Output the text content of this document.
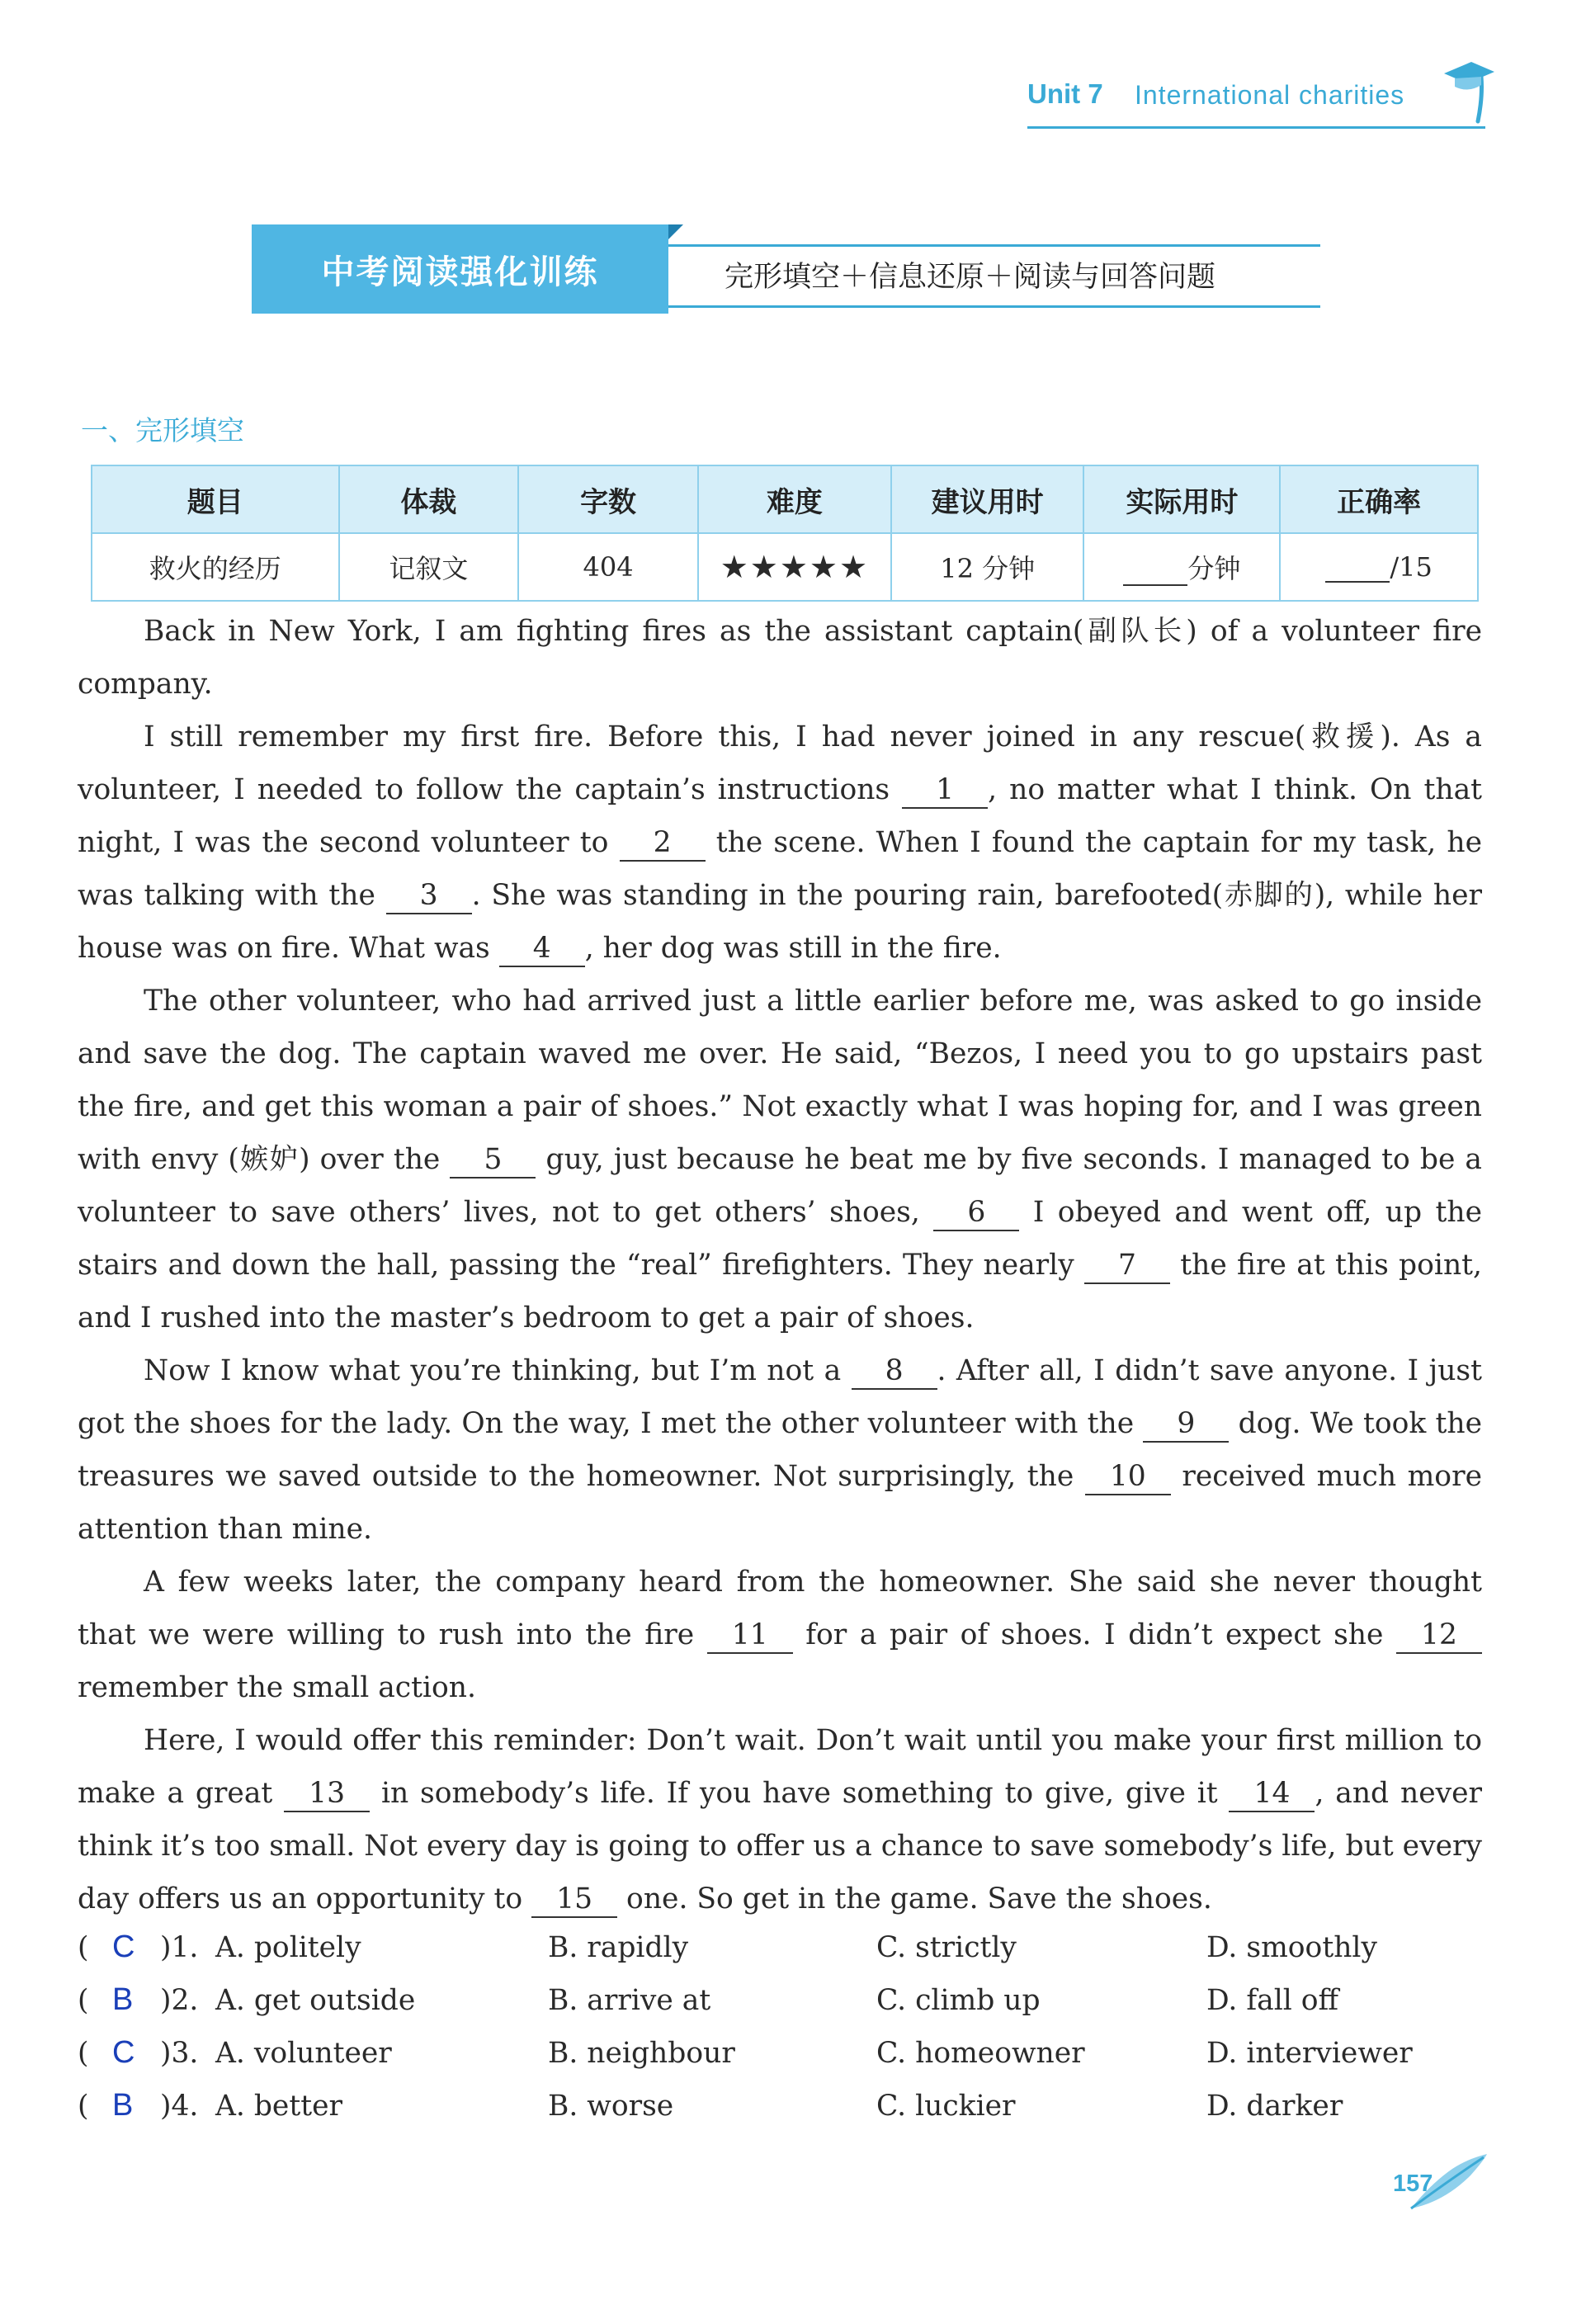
Unit 7 International charities
中考阅读强化训练	完形填空＋信息还原＋阅读与回答问题
一、完形填空
题目	体裁	字数	难度	建议用时	实际用时	正确率
救火的经历	记叙文	404	★★★★★	12 分钟	分钟	/15

Back in New York, I am fighting fires as the assistant captain(副队长) of a volunteer fire company.

I still remember my first fire. Before this, I had never joined in any rescue(救援). As a volunteer, I needed to follow the captain’s instructions 1 , no matter what I think. On that night, I was the second volunteer to 2 the scene. When I found the captain for my task, he was talking with the 3 . She was standing in the pouring rain, barefooted(赤脚的), while her house was on fire. What was 4 , her dog was still in the fire.

The other volunteer, who had arrived just a little earlier before me, was asked to go inside and save the dog. The captain waved me over. He said, “Bezos, I need you to go upstairs past the fire, and get this woman a pair of shoes.” Not exactly what I was hoping for, and I was green with envy (嫉妒) over the 5 guy, just because he beat me by five seconds. I managed to be a volunteer to save others’ lives, not to get others’ shoes, 6 I obeyed and went off, up the stairs and down the hall, passing the “real” firefighters. They nearly 7 the fire at this point, and I rushed into the master’s bedroom to get a pair of shoes.

Now I know what you’re thinking, but I’m not a 8 . After all, I didn’t save anyone. I just got the shoes for the lady. On the way, I met the other volunteer with the 9 dog. We took the treasures we saved outside to the homeowner. Not surprisingly, the 10 received much more attention than mine.

A few weeks later, the company heard from the homeowner. She said she never thought that we were willing to rush into the fire 11 for a pair of shoes. I didn’t expect she 12 remember the small action.

Here, I would offer this reminder: Don’t wait. Don’t wait until you make your first million to make a great 13 in somebody’s life. If you have something to give, give it 14 , and never think it’s too small. Not every day is going to offer us a chance to save somebody’s life, but every day offers us an opportunity to 15 one. So get in the game. Save the shoes.

( C )1. A. politely	B. rapidly	C. strictly	D. smoothly
( B )2. A. get outside	B. arrive at	C. climb up	D. fall off
( C )3. A. volunteer	B. neighbour	C. homeowner	D. interviewer
( B )4. A. better	B. worse	C. luckier	D. darker
157
